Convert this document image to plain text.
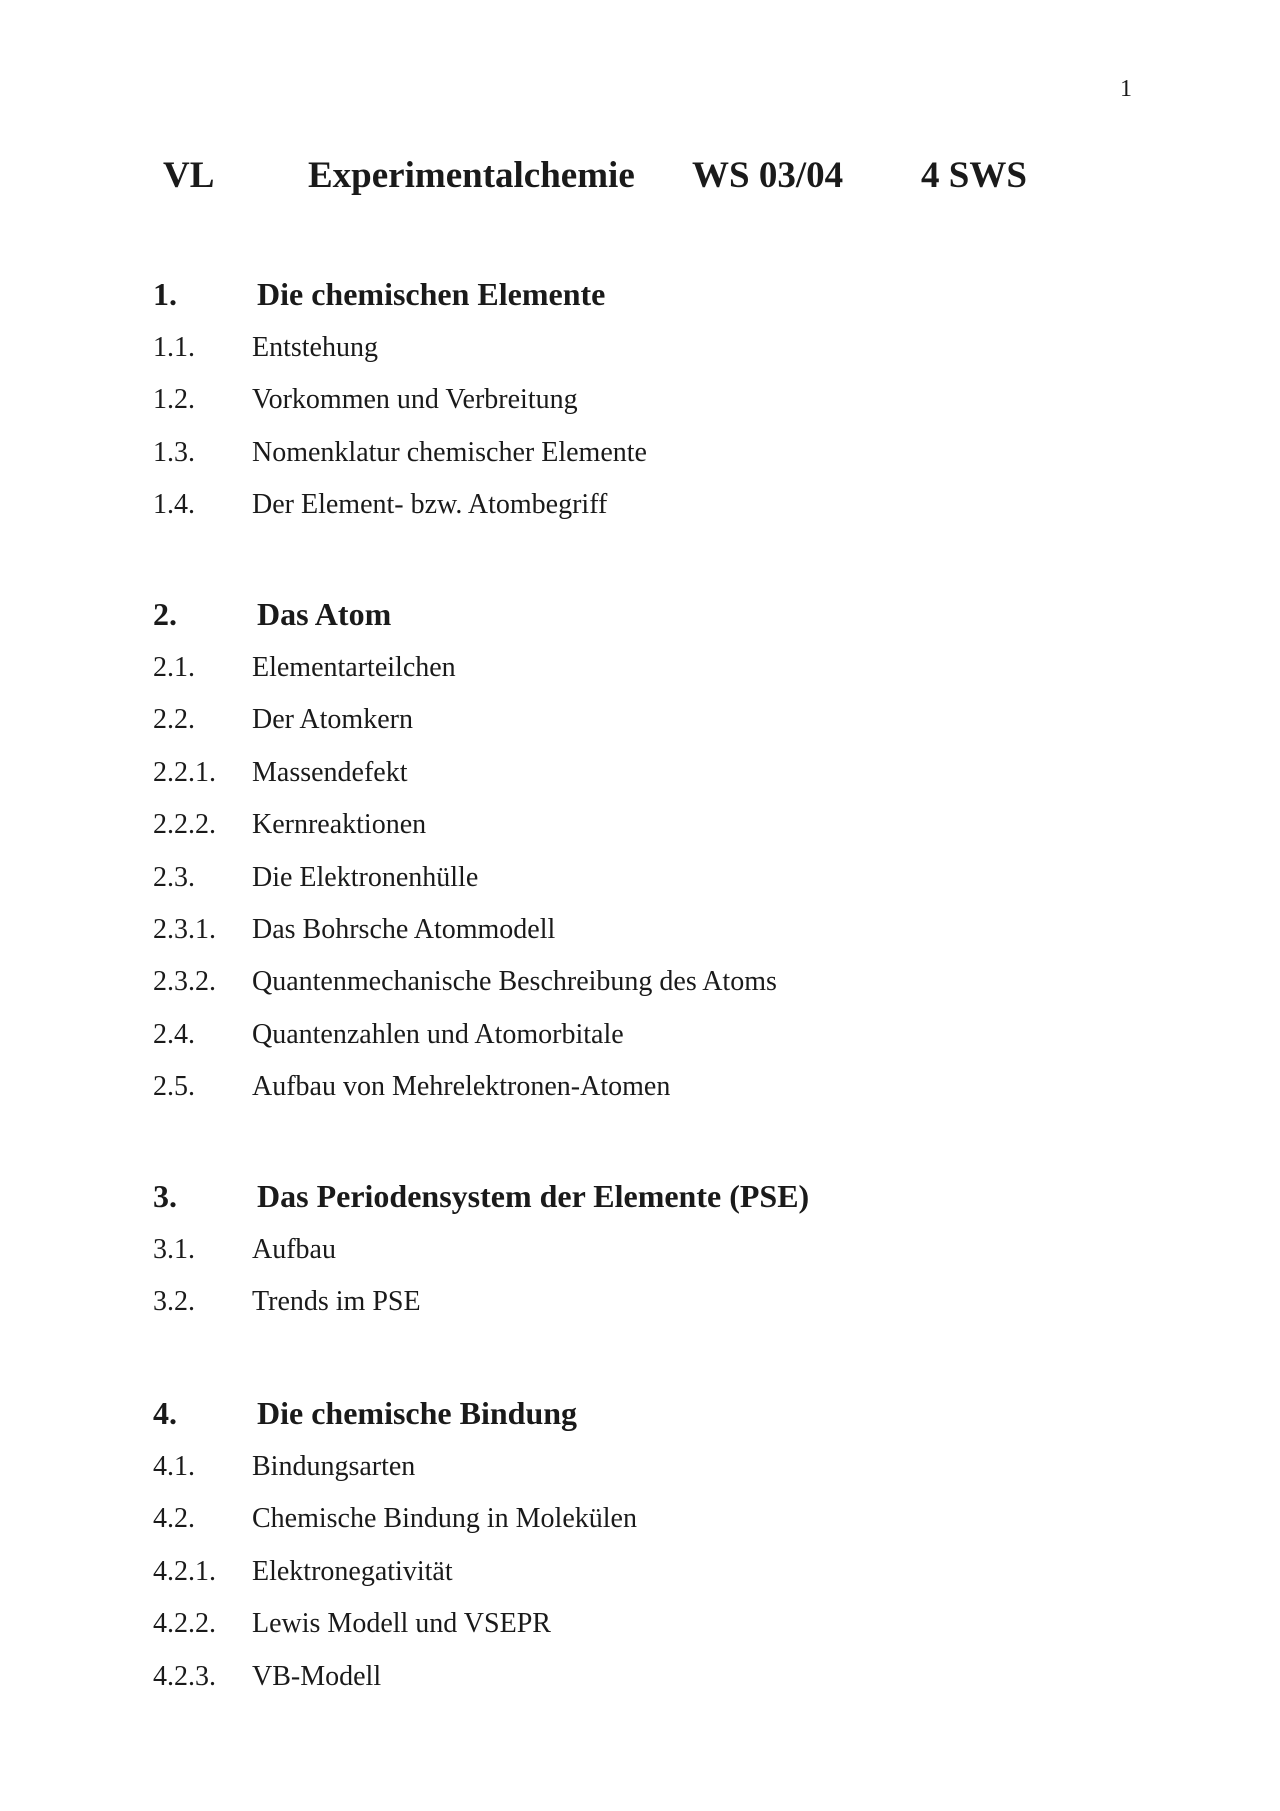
1
VL	Experimentalchemie WS 03/04 4 SWS
1.	Die chemischen Elemente
1.1. Entstehung
1.2. Vorkommen und Verbreitung
1.3. Nomenklatur chemischer Elemente
1.4. Der Element- bzw. Atombegriff
2.	Das Atom
2.1. Elementarteilchen
2.2. Der Atomkern
2.2.1. Massendefekt
2.2.2. Kernreaktionen
2.3. Die Elektronenhülle
2.3.1. Das Bohrsche Atommodell
2.3.2. Quantenmechanische Beschreibung des Atoms
2.4. Quantenzahlen und Atomorbitale
2.5. Aufbau von Mehrelektronen-Atomen
3.	Das Periodensystem der Elemente (PSE)
3.1. Aufbau
3.2. Trends im PSE
4.	Die chemische Bindung
4.1. Bindungsarten
4.2. Chemische Bindung in Molekülen
4.2.1. Elektronegativität
4.2.2. Lewis Modell und VSEPR
4.2.3. VB-Modell
